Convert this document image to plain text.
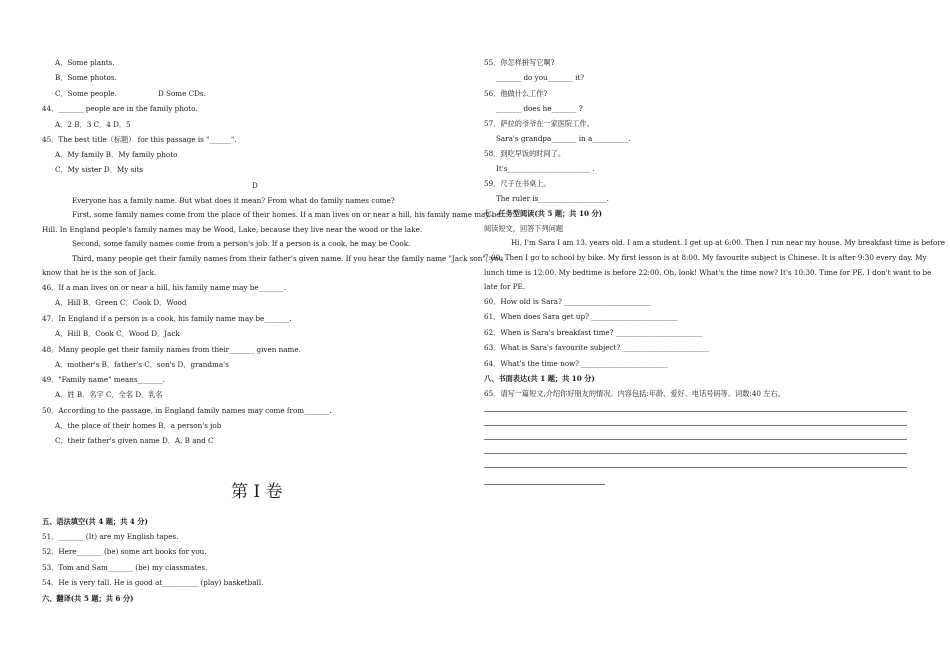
A．Some plants.
B．Some photos.
C．Some people.	D Some CDs.
44．_______ people are in the family photo.
A．2 B．3 C．4 D．5
45．The best title（标题） for this passage is "______".
A．My family B．My family photo
C．My sister D．My sits
D
Everyone has a family name. But what does it mean? From what do family names come?
First, some family names come from the place of their homes. If a man lives on or near a hill, his family name may be
Hill. In England people's family names may be Wood, Lake, because they live near the wood or the lake.
Second, some family names come from a person's job. If a person is a cook, he may be Cook.
Third, many people get their family names from their father's given name. If you hear the family name "Jack son", you
know that he is the son of Jack.
46．If a man lives on or near a hill, his family name may be_______.
A．Hill B．Green C．Cook D．Wood
47．In England if a person is a cook, his family name may be_______.
A．Hill B．Cook C．Wood D．Jack
48．Many people get their family names from their_______ given name.
A．mother's B．father's C．son's D．grandma's
49．"Family name" means_______.
A．姓 B．名字 C．全名 D．乳名
50．According to the passage, in England family names may come from_______.
A．the place of their homes B．a person's job
C．their father's given name D．A, B and C
第 I 卷
五、语法填空(共 4 题；共 4 分)
51．_______ (It) are my English tapes.
52．Here_______ (be) some art books for you.
53．Tom and Sam_______ (be) my classmates.
54．He is very tall. He is good at__________ (play) basketball.
六、翻译(共 5 题；共 6 分)
55．你怎样拼写它啊?
_______ do you_______ it?
56．他做什么工作?
_______ does he_______ ?
57．萨拉的爷爷在一家医院工作。
Sara's grandpa_______ in a__________.
58．到吃早饭的时间了。
It's_______________________ .
59．尺子在书桌上。
The ruler is___________________.
七、任务型阅读(共 5 题；共 10 分)
阅读短文，回答下列问题
Hi, I'm Sara I am 13. years old. I am a student. I get up at 6:00. Then I run near my house. My breakfast time is before
7:00. Then I go to school by bike. My first lesson is at 8:00. My favourite subject is Chinese. It is after 9:30 every day. My
lunch time is 12:00. My bedtime is before 22:00. Oh, look! What's the time now? It's 10:30. Time for PE. I don't want to be
late for PE.
60．How old is Sara? ________________________
61．When does Sara get up? ________________________
62．When is Sara's breakfast time? ________________________
63．What is Sara's favourite subject? ________________________
64．What's the time now? ________________________
八、书面表达(共 1 题；共 10 分)
65．请写一篇短文,介绍你好朋友的情况。内容包括:年龄、爱好、电话号码等。词数:40 左右。
